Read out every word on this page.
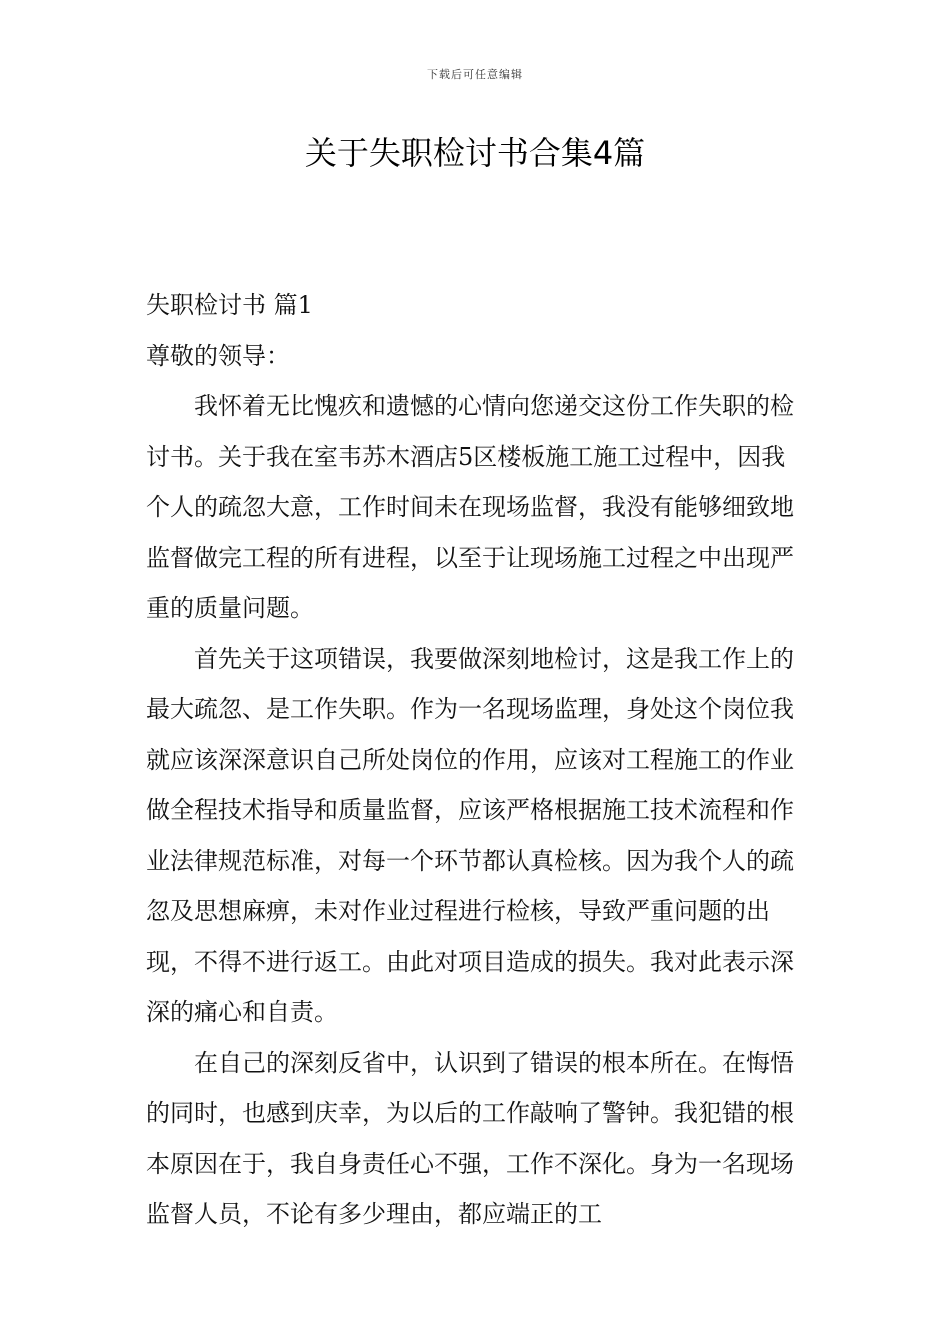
下载后可任意编辑
关于失职检讨书合集4篇

失职检讨书 篇1

尊敬的领导：

我怀着无比愧疚和遗憾的心情向您递交这份工作失职的检讨书。关于我在室韦苏木酒店5区楼板施工施工过程中，因我个人的疏忽大意，工作时间未在现场监督，我没有能够细致地监督做完工程的所有进程，以至于让现场施工过程之中出现严重的质量问题。

首先关于这项错误，我要做深刻地检讨，这是我工作上的最大疏忽、是工作失职。作为一名现场监理，身处这个岗位我就应该深深意识自己所处岗位的作用，应该对工程施工的作业做全程技术指导和质量监督，应该严格根据施工技术流程和作业法律规范标准，对每一个环节都认真检核。因为我个人的疏忽及思想麻痹，未对作业过程进行检核，导致严重问题的出现，不得不进行返工。由此对项目造成的损失。我对此表示深深的痛心和自责。

在自己的深刻反省中，认识到了错误的根本所在。在悔悟的同时，也感到庆幸，为以后的工作敲响了警钟。我犯错的根本原因在于，我自身责任心不强，工作不深化。身为一名现场监督人员，不论有多少理由，都应端正的工
